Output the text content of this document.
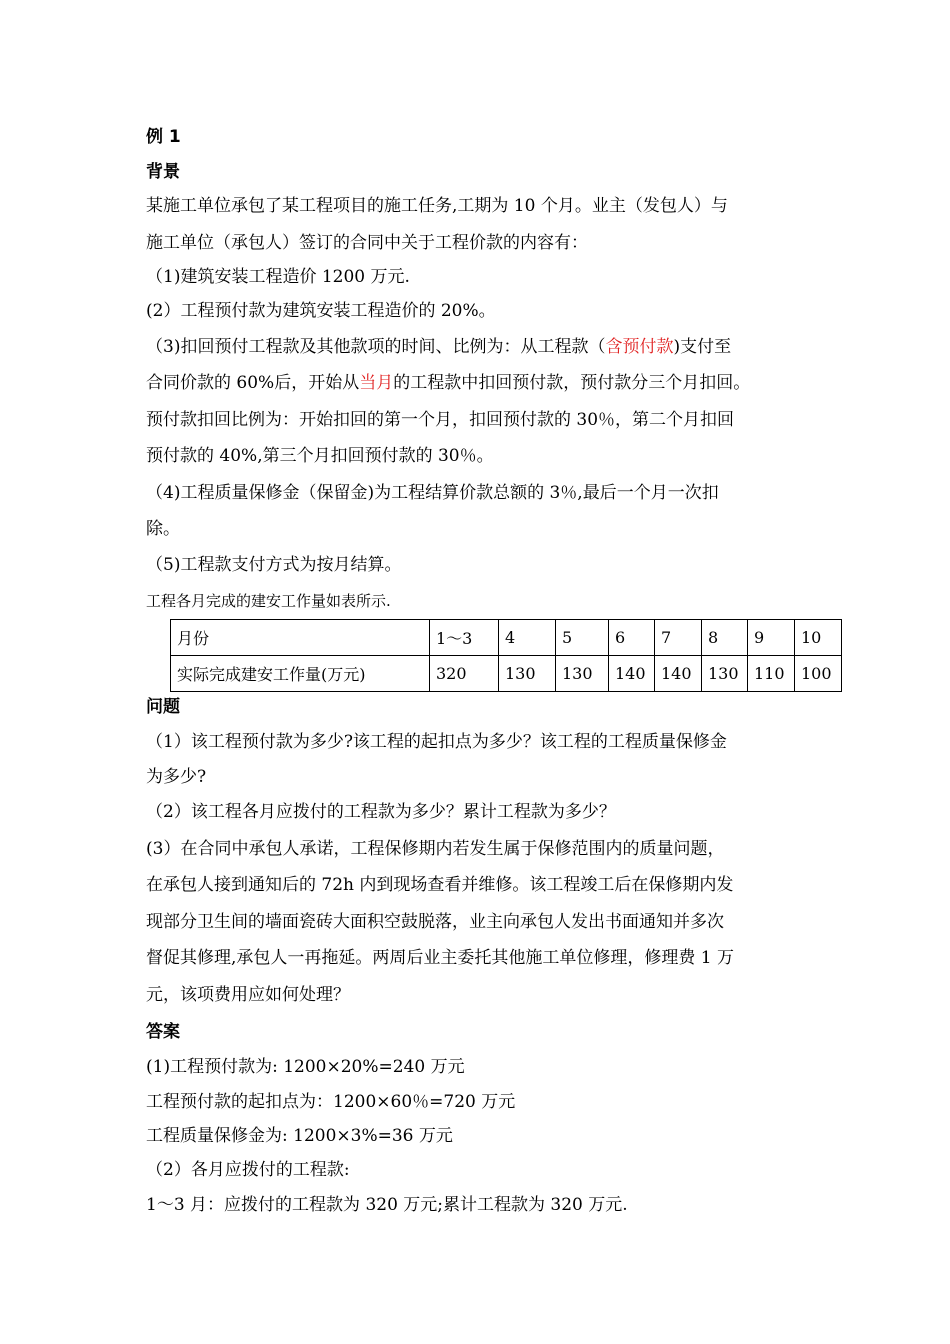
例 1
背景
某施工单位承包了某工程项目的施工任务,工期为 10 个月。业主（发包人）与
施工单位（承包人）签订的合同中关于工程价款的内容有：
（1)建筑安装工程造价 1200 万元.
(2）工程预付款为建筑安装工程造价的 20%。
（3)扣回预付工程款及其他款项的时间、比例为：从工程款（含预付款)支付至
合同价款的 60%后，开始从当月的工程款中扣回预付款，预付款分三个月扣回。
预付款扣回比例为：开始扣回的第一个月，扣回预付款的 30％，第二个月扣回
预付款的 40%,第三个月扣回预付款的 30％。
（4)工程质量保修金（保留金)为工程结算价款总额的 3％,最后一个月一次扣
除。
（5)工程款支付方式为按月结算。
工程各月完成的建安工作量如表所示.
月份	1～3	4	5	6	7	8	9	10
实际完成建安工作量(万元)	320	130	130	140	140	130	110	100
问题
（1）该工程预付款为多少?该工程的起扣点为多少？该工程的工程质量保修金
为多少?
（2）该工程各月应拨付的工程款为多少？累计工程款为多少？
(3）在合同中承包人承诺，工程保修期内若发生属于保修范围内的质量问题，
在承包人接到通知后的 72h 内到现场查看并维修。该工程竣工后在保修期内发
现部分卫生间的墙面瓷砖大面积空鼓脱落，业主向承包人发出书面通知并多次
督促其修理,承包人一再拖延。两周后业主委托其他施工单位修理，修理费 1 万
元，该项费用应如何处理？
答案
(1)工程预付款为: 1200×20%=240 万元
工程预付款的起扣点为：1200×60％=720 万元
工程质量保修金为: 1200×3%=36 万元
（2）各月应拨付的工程款:
1～3 月：应拨付的工程款为 320 万元;累计工程款为 320 万元.
